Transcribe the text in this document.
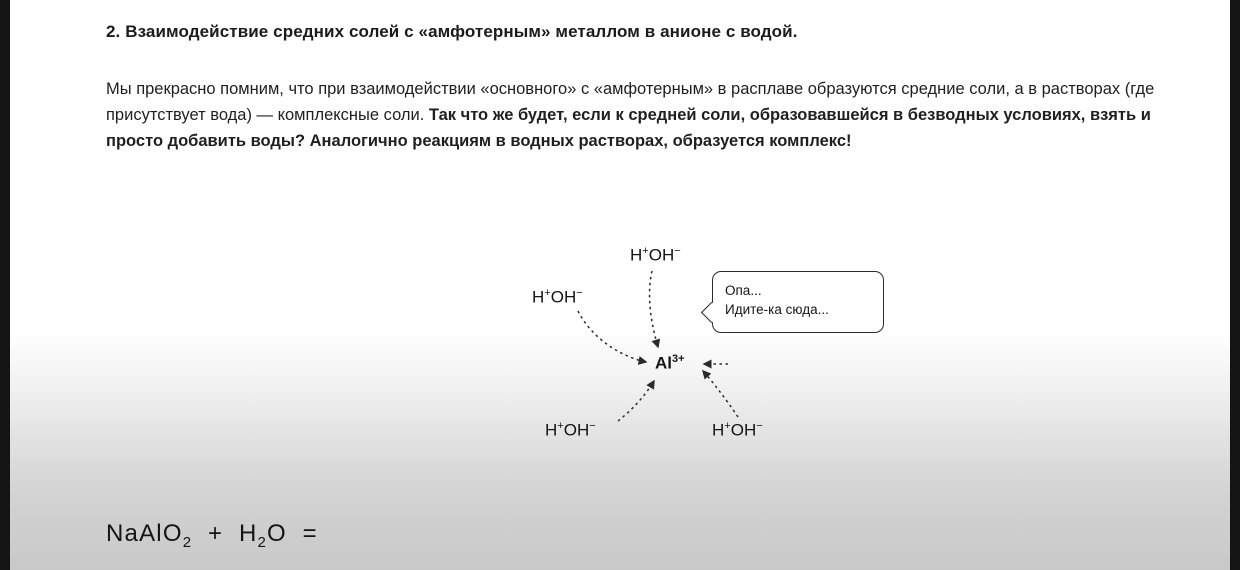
2. Взаимодействие средних солей с «амфотерным» металлом в анионе с водой.
Мы прекрасно помним, что при взаимодействии «основного» с «амфотерным» в расплаве образуются средние соли, а в растворах (где присутствует вода) — комплексные соли. Так что же будет, если к средней соли, образовавшейся в безводных условиях, взять и просто добавить воды? Аналогично реакциям в водных растворах, образуется комплекс!
H+OH−
H+OH−
H+OH−	H+OH−
$Al^{3+}$
Опа...
Идите-ка сюда...
NaAlO$_2$ + $H_2O$ =
